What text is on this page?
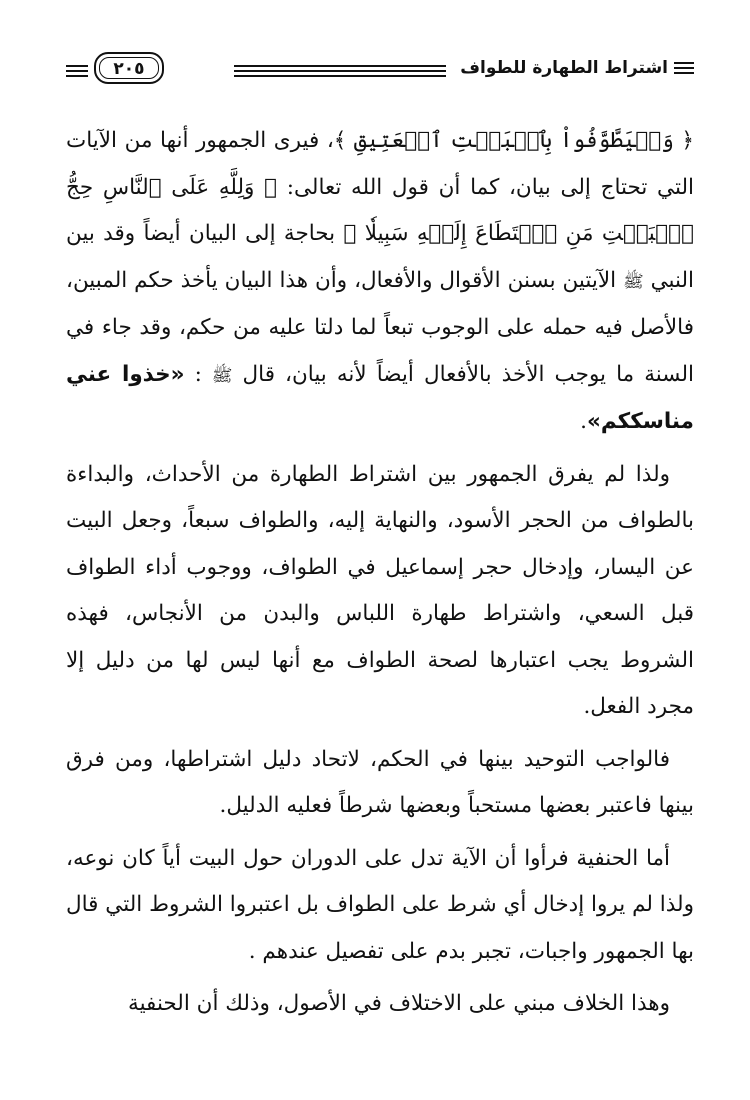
اشتراط الطهارة للطواف
٢٠٥

﴿ وَلۡيَطَّوَّفُواْ بِٱلۡبَيۡتِ ٱلۡعَتِيقِ ﴾، فيرى الجمهور أنها من الآيات التي تحتاج إلى بيان، كما أن قول الله تعالى: ﴿ وَلِلَّهِ عَلَى ٱلنَّاسِ حِجُّ ٱلۡبَيۡتِ مَنِ ٱسۡتَطَاعَ إِلَيۡهِ سَبِيلٗا ﴾ بحاجة إلى البيان أيضاً وقد بين النبي ﷺ الآيتين بسنن الأقوال والأفعال، وأن هذا البيان يأخذ حكم المبين، فالأصل فيه حمله على الوجوب تبعاً لما دلتا عليه من حكم، وقد جاء في السنة ما يوجب الأخذ بالأفعال أيضاً لأنه بيان، قال ﷺ : «خذوا عني مناسككم».

ولذا لم يفرق الجمهور بين اشتراط الطهارة من الأحداث، والبداءة بالطواف من الحجر الأسود، والنهاية إليه، والطواف سبعاً، وجعل البيت عن اليسار، وإدخال حجر إسماعيل في الطواف، ووجوب أداء الطواف قبل السعي، واشتراط طهارة اللباس والبدن من الأنجاس، فهذه الشروط يجب اعتبارها لصحة الطواف مع أنها ليس لها من دليل إلا مجرد الفعل.

فالواجب التوحيد بينها في الحكم، لاتحاد دليل اشتراطها، ومن فرق بينها فاعتبر بعضها مستحباً وبعضها شرطاً فعليه الدليل.

أما الحنفية فرأوا أن الآية تدل على الدوران حول البيت أياً كان نوعه، ولذا لم يروا إدخال أي شرط على الطواف بل اعتبروا الشروط التي قال بها الجمهور واجبات، تجبر بدم على تفصيل عندهم .

وهذا الخلاف مبني على الاختلاف في الأصول، وذلك أن الحنفية
